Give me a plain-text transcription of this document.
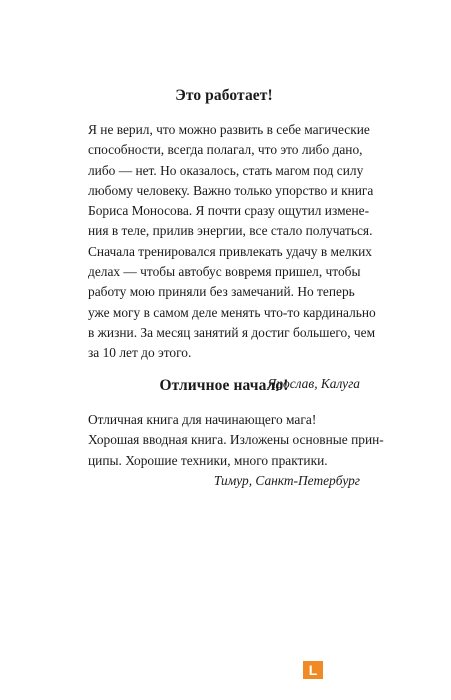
Это работает!

Я не верил, что можно развить в себе магические
способности, всегда полагал, что это либо дано,
либо — нет. Но оказалось, стать магом под силу
любому человеку. Важно только упорство и книга
Бориса Моносова. Я почти сразу ощутил измене-
ния в теле, прилив энергии, все стало получаться.
Сначала тренировался привлекать удачу в мелких
делах — чтобы автобус вовремя пришел, чтобы
работу мою приняли без замечаний. Но теперь
уже могу в самом деле менять что-то кардинально
в жизни. За месяц занятий я достиг большего, чем
за 10 лет до этого.

Ярослав, Калуга
Отличное начало!

Отличная книга для начинающего мага!
Хорошая вводная книга. Изложены основные прин-
ципы. Хорошие техники, много практики.

Тимур, Санкт-Петербург
L
